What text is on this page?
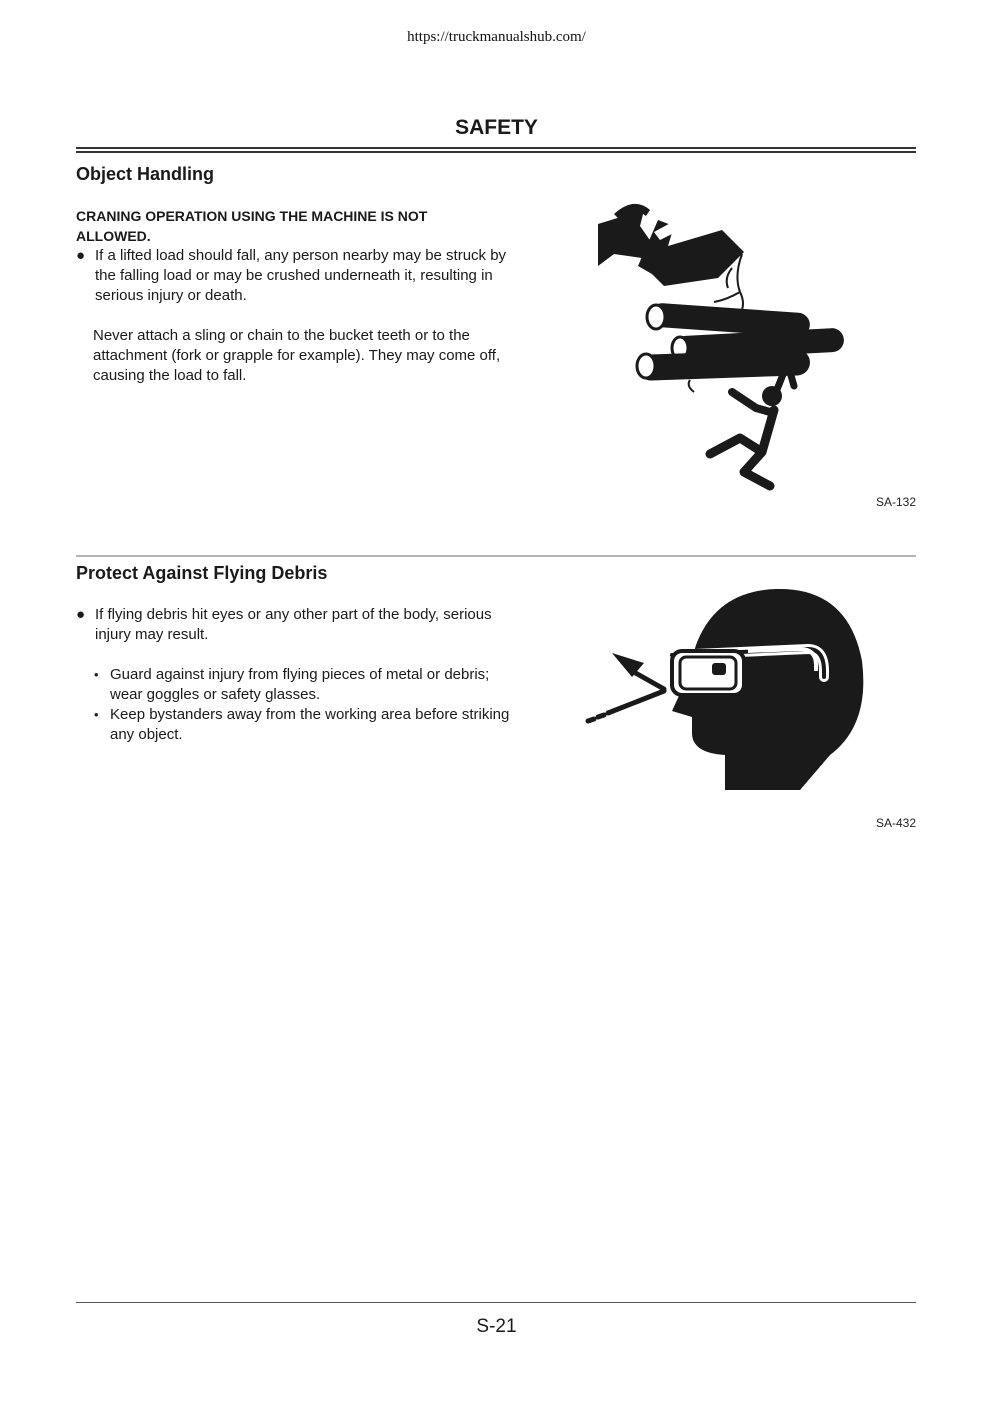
https://truckmanualshub.com/
SAFETY
Object Handling
CRANING OPERATION USING THE MACHINE IS NOT ALLOWED.
● If a lifted load should fall, any person nearby may be struck by the falling load or may be crushed underneath it, resulting in serious injury or death.
Never attach a sling or chain to the bucket teeth or to the attachment (fork or grapple for example). They may come off, causing the load to fall.
SA-132
Protect Against Flying Debris
● If flying debris hit eyes or any other part of the body, serious injury may result.
• Guard against injury from flying pieces of metal or debris; wear goggles or safety glasses.
• Keep bystanders away from the working area before striking any object.
SA-432
S-21
